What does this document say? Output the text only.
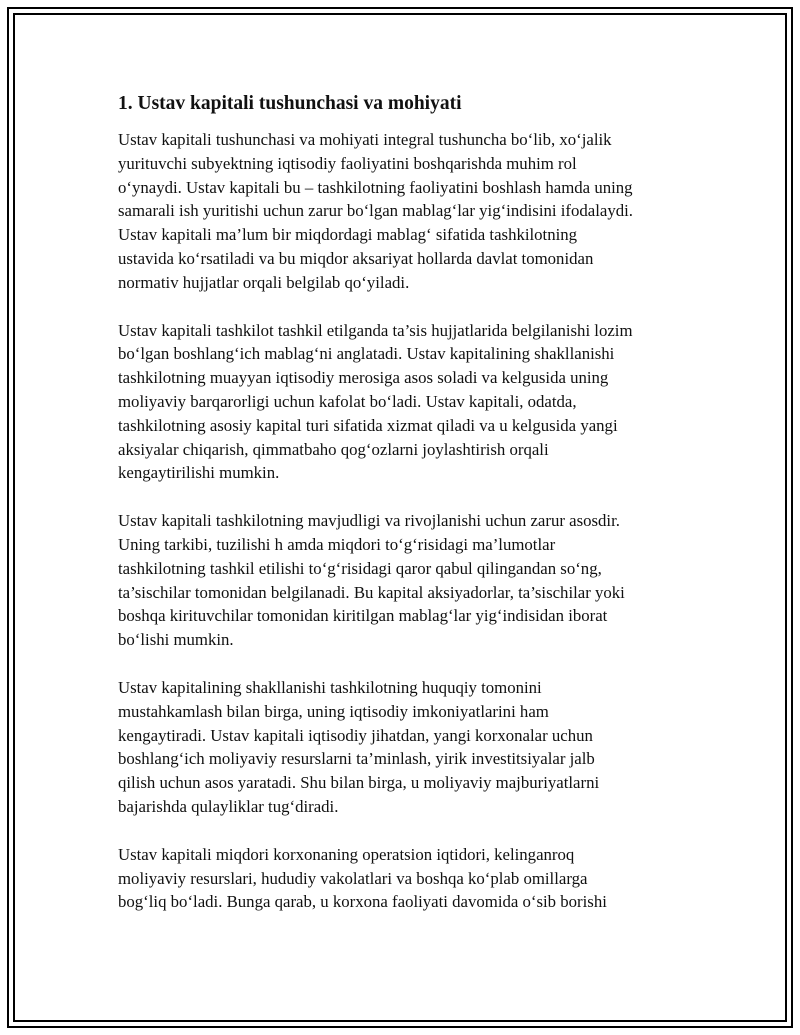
1. Ustav kapitali tushunchasi va mohiyati
Ustav kapitali tushunchasi va mohiyati integral tushuncha bo‘lib, xo‘jalik
yurituvchi subyektning iqtisodiy faoliyatini boshqarishda muhim rol
o‘ynaydi. Ustav kapitali bu – tashkilotning faoliyatini boshlash hamda uning
samarali ish yuritishi uchun zarur bo‘lgan mablag‘lar yig‘indisini ifodalaydi.
Ustav kapitali ma’lum bir miqdordagi mablag‘ sifatida tashkilotning
ustavida ko‘rsatiladi va bu miqdor aksariyat hollarda davlat tomonidan
normativ hujjatlar orqali belgilab qo‘yiladi.
Ustav kapitali tashkilot tashkil etilganda ta’sis hujjatlarida belgilanishi lozim
bo‘lgan boshlang‘ich mablag‘ni anglatadi. Ustav kapitalining shakllanishi
tashkilotning muayyan iqtisodiy merosiga asos soladi va kelgusida uning
moliyaviy barqarorligi uchun kafolat bo‘ladi. Ustav kapitali, odatda,
tashkilotning asosiy kapital turi sifatida xizmat qiladi va u kelgusida yangi
aksiyalar chiqarish, qimmatbaho qog‘ozlarni joylashtirish orqali
kengaytirilishi mumkin.
Ustav kapitali tashkilotning mavjudligi va rivojlanishi uchun zarur asosdir.
Uning tarkibi, tuzilishi h amda miqdori to‘g‘risidagi ma’lumotlar
tashkilotning tashkil etilishi to‘g‘risidagi qaror qabul qilingandan so‘ng,
ta’sischilar tomonidan belgilanadi. Bu kapital aksiyadorlar, ta’sischilar yoki
boshqa kirituvchilar tomonidan kiritilgan mablag‘lar yig‘indisidan iborat
bo‘lishi mumkin.
Ustav kapitalining shakllanishi tashkilotning huquqiy tomonini
mustahkamlash bilan birga, uning iqtisodiy imkoniyatlarini ham
kengaytiradi. Ustav kapitali iqtisodiy jihatdan, yangi korxonalar uchun
boshlang‘ich moliyaviy resurslarni ta’minlash, yirik investitsiyalar jalb
qilish uchun asos yaratadi. Shu bilan birga, u moliyaviy majburiyatlarni
bajarishda qulayliklar tug‘diradi.
Ustav kapitali miqdori korxonaning operatsion iqtidori, kelinganroq
moliyaviy resurslari, hududiy vakolatlari va boshqa ko‘plab omillarga
bog‘liq bo‘ladi. Bunga qarab, u korxona faoliyati davomida o‘sib borishi
